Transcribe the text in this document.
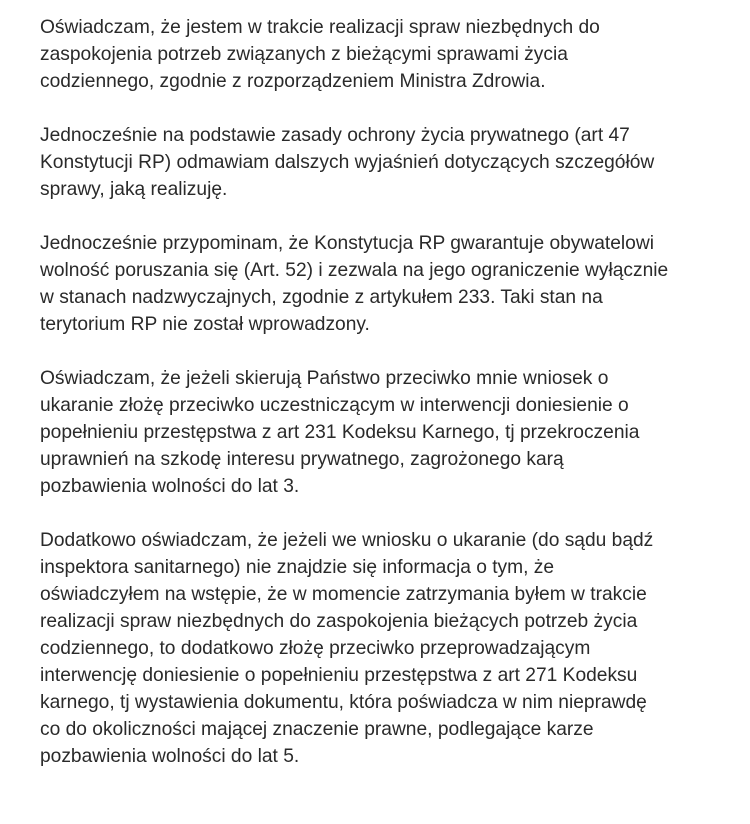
Oświadczam, że jestem w trakcie realizacji spraw niezbędnych do
zaspokojenia potrzeb związanych z bieżącymi sprawami życia
codziennego, zgodnie z rozporządzeniem Ministra Zdrowia.

Jednocześnie na podstawie zasady ochrony życia prywatnego (art 47
Konstytucji RP) odmawiam dalszych wyjaśnień dotyczących szczegółów
sprawy, jaką realizuję.

Jednocześnie przypominam, że Konstytucja RP gwarantuje obywatelowi
wolność poruszania się (Art. 52) i zezwala na jego ograniczenie wyłącznie
w stanach nadzwyczajnych, zgodnie z artykułem 233. Taki stan na
terytorium RP nie został wprowadzony.

Oświadczam, że jeżeli skierują Państwo przeciwko mnie wniosek o
ukaranie złożę przeciwko uczestniczącym w interwencji doniesienie o
popełnieniu przestępstwa z art 231 Kodeksu Karnego, tj przekroczenia
uprawnień na szkodę interesu prywatnego, zagrożonego karą
pozbawienia wolności do lat 3.

Dodatkowo oświadczam, że jeżeli we wniosku o ukaranie (do sądu bądź
inspektora sanitarnego) nie znajdzie się informacja o tym, że
oświadczyłem na wstępie, że w momencie zatrzymania byłem w trakcie
realizacji spraw niezbędnych do zaspokojenia bieżących potrzeb życia
codziennego, to dodatkowo złożę przeciwko przeprowadzającym
interwencję doniesienie o popełnieniu przestępstwa z art 271 Kodeksu
karnego, tj wystawienia dokumentu, która poświadcza w nim nieprawdę
co do okoliczności mającej znaczenie prawne, podlegające karze
pozbawienia wolności do lat 5.
